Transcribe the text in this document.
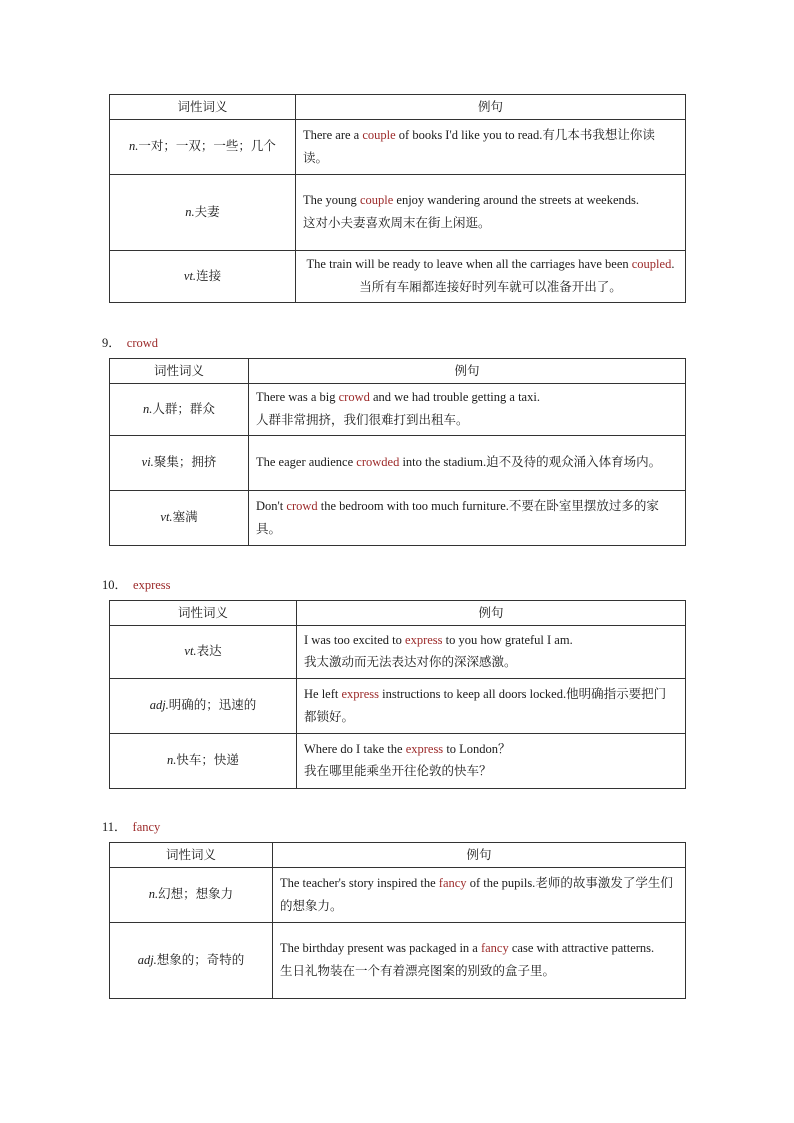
词性词义	例句
n.一对；一双；一些；几个	There are a couple of books I'd like you to read.有几本书我想让你读读。
n.夫妻	The young couple enjoy wandering around the streets at weekends.
这对小夫妻喜欢周末在街上闲逛。
vt.连接	The train will be ready to leave when all the carriages have been coupled.当所有车厢都连接好时列车就可以准备开出了。
9． crowd
词性词义	例句
n.人群；群众	There was a big crowd and we had trouble getting a taxi.
人群非常拥挤，我们很难打到出租车。
vi.聚集；拥挤	The eager audience crowded into the stadium.迫不及待的观众涌入体育场内。
vt.塞满	Don't crowd the bedroom with too much furniture.不要在卧室里摆放过多的家具。
10． express
词性词义	例句
vt.表达	I was too excited to express to you how grateful I am.
我太激动而无法表达对你的深深感激。
adj.明确的；迅速的	He left express instructions to keep all doors locked.他明确指示要把门都锁好。
n.快车；快递	Where do I take the express to London？
我在哪里能乘坐开往伦敦的快车？
11． fancy
词性词义	例句
n.幻想；想象力	The teacher's story inspired the fancy of the pupils.老师的故事激发了学生们的想象力。
adj.想象的；奇特的	The birthday present was packaged in a fancy case with attractive patterns.
生日礼物装在一个有着漂亮图案的别致的盒子里。
